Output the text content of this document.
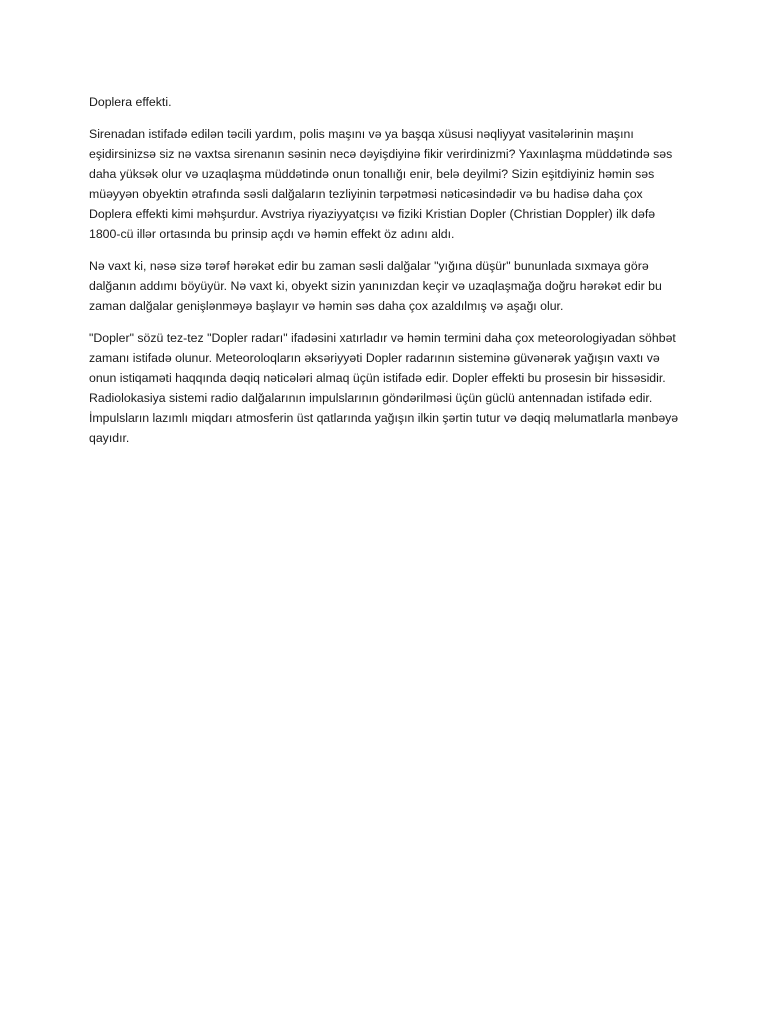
Doplera effekti.

Sirenadan istifadə edilən təcili yardım, polis maşını və ya başqa xüsusi nəqliyyat vasitələrinin maşını eşidirsinizsə siz nə vaxtsa sirenanın səsinin necə dəyişdiyinə fikir verirdinizmi? Yaxınlaşma müddətində səs daha yüksək olur və uzaqlaşma müddətində onun tonallığı enir, belə deyilmi? Sizin eşitdiyiniz həmin səs müəyyən obyektin ətrafında səsli dalğaların tezliyinin tərpətməsi nəticəsindədir və bu hadisə daha çox Doplera effekti kimi məhşurdur. Avstriya riyaziyyatçısı və fiziki Kristian Dopler (Christian Doppler) ilk dəfə 1800-cü illər ortasında bu prinsip açdı və həmin effekt öz adını aldı.

Nə vaxt ki, nəsə sizə tərəf hərəkət edir bu zaman səsli dalğalar "yığına düşür" bununlada sıxmaya görə dalğanın addımı böyüyür. Nə vaxt ki, obyekt sizin yanınızdan keçir və uzaqlaşmağa doğru hərəkət edir bu zaman dalğalar genişlənməyə başlayır və həmin səs daha çox azaldılmış və aşağı olur.

"Dopler" sözü tez-tez "Dopler radarı" ifadəsini xatırladır və həmin termini daha çox meteorologiyadan söhbət zamanı istifadə olunur. Meteoroloqların əksəriyyəti Dopler radarının sisteminə güvənərək yağışın vaxtı və onun istiqaməti haqqında dəqiq nəticələri almaq üçün istifadə edir. Dopler effekti bu prosesin bir hissəsidir. Radiolokasiya sistemi radio dalğalarının impulslarının göndərilməsi üçün güclü antennadan istifadə edir. İmpulsların lazımlı miqdarı atmosferin üst qatlarında yağışın ilkin şərtin tutur və dəqiq məlumatlarla mənbəyə qayıdır.
